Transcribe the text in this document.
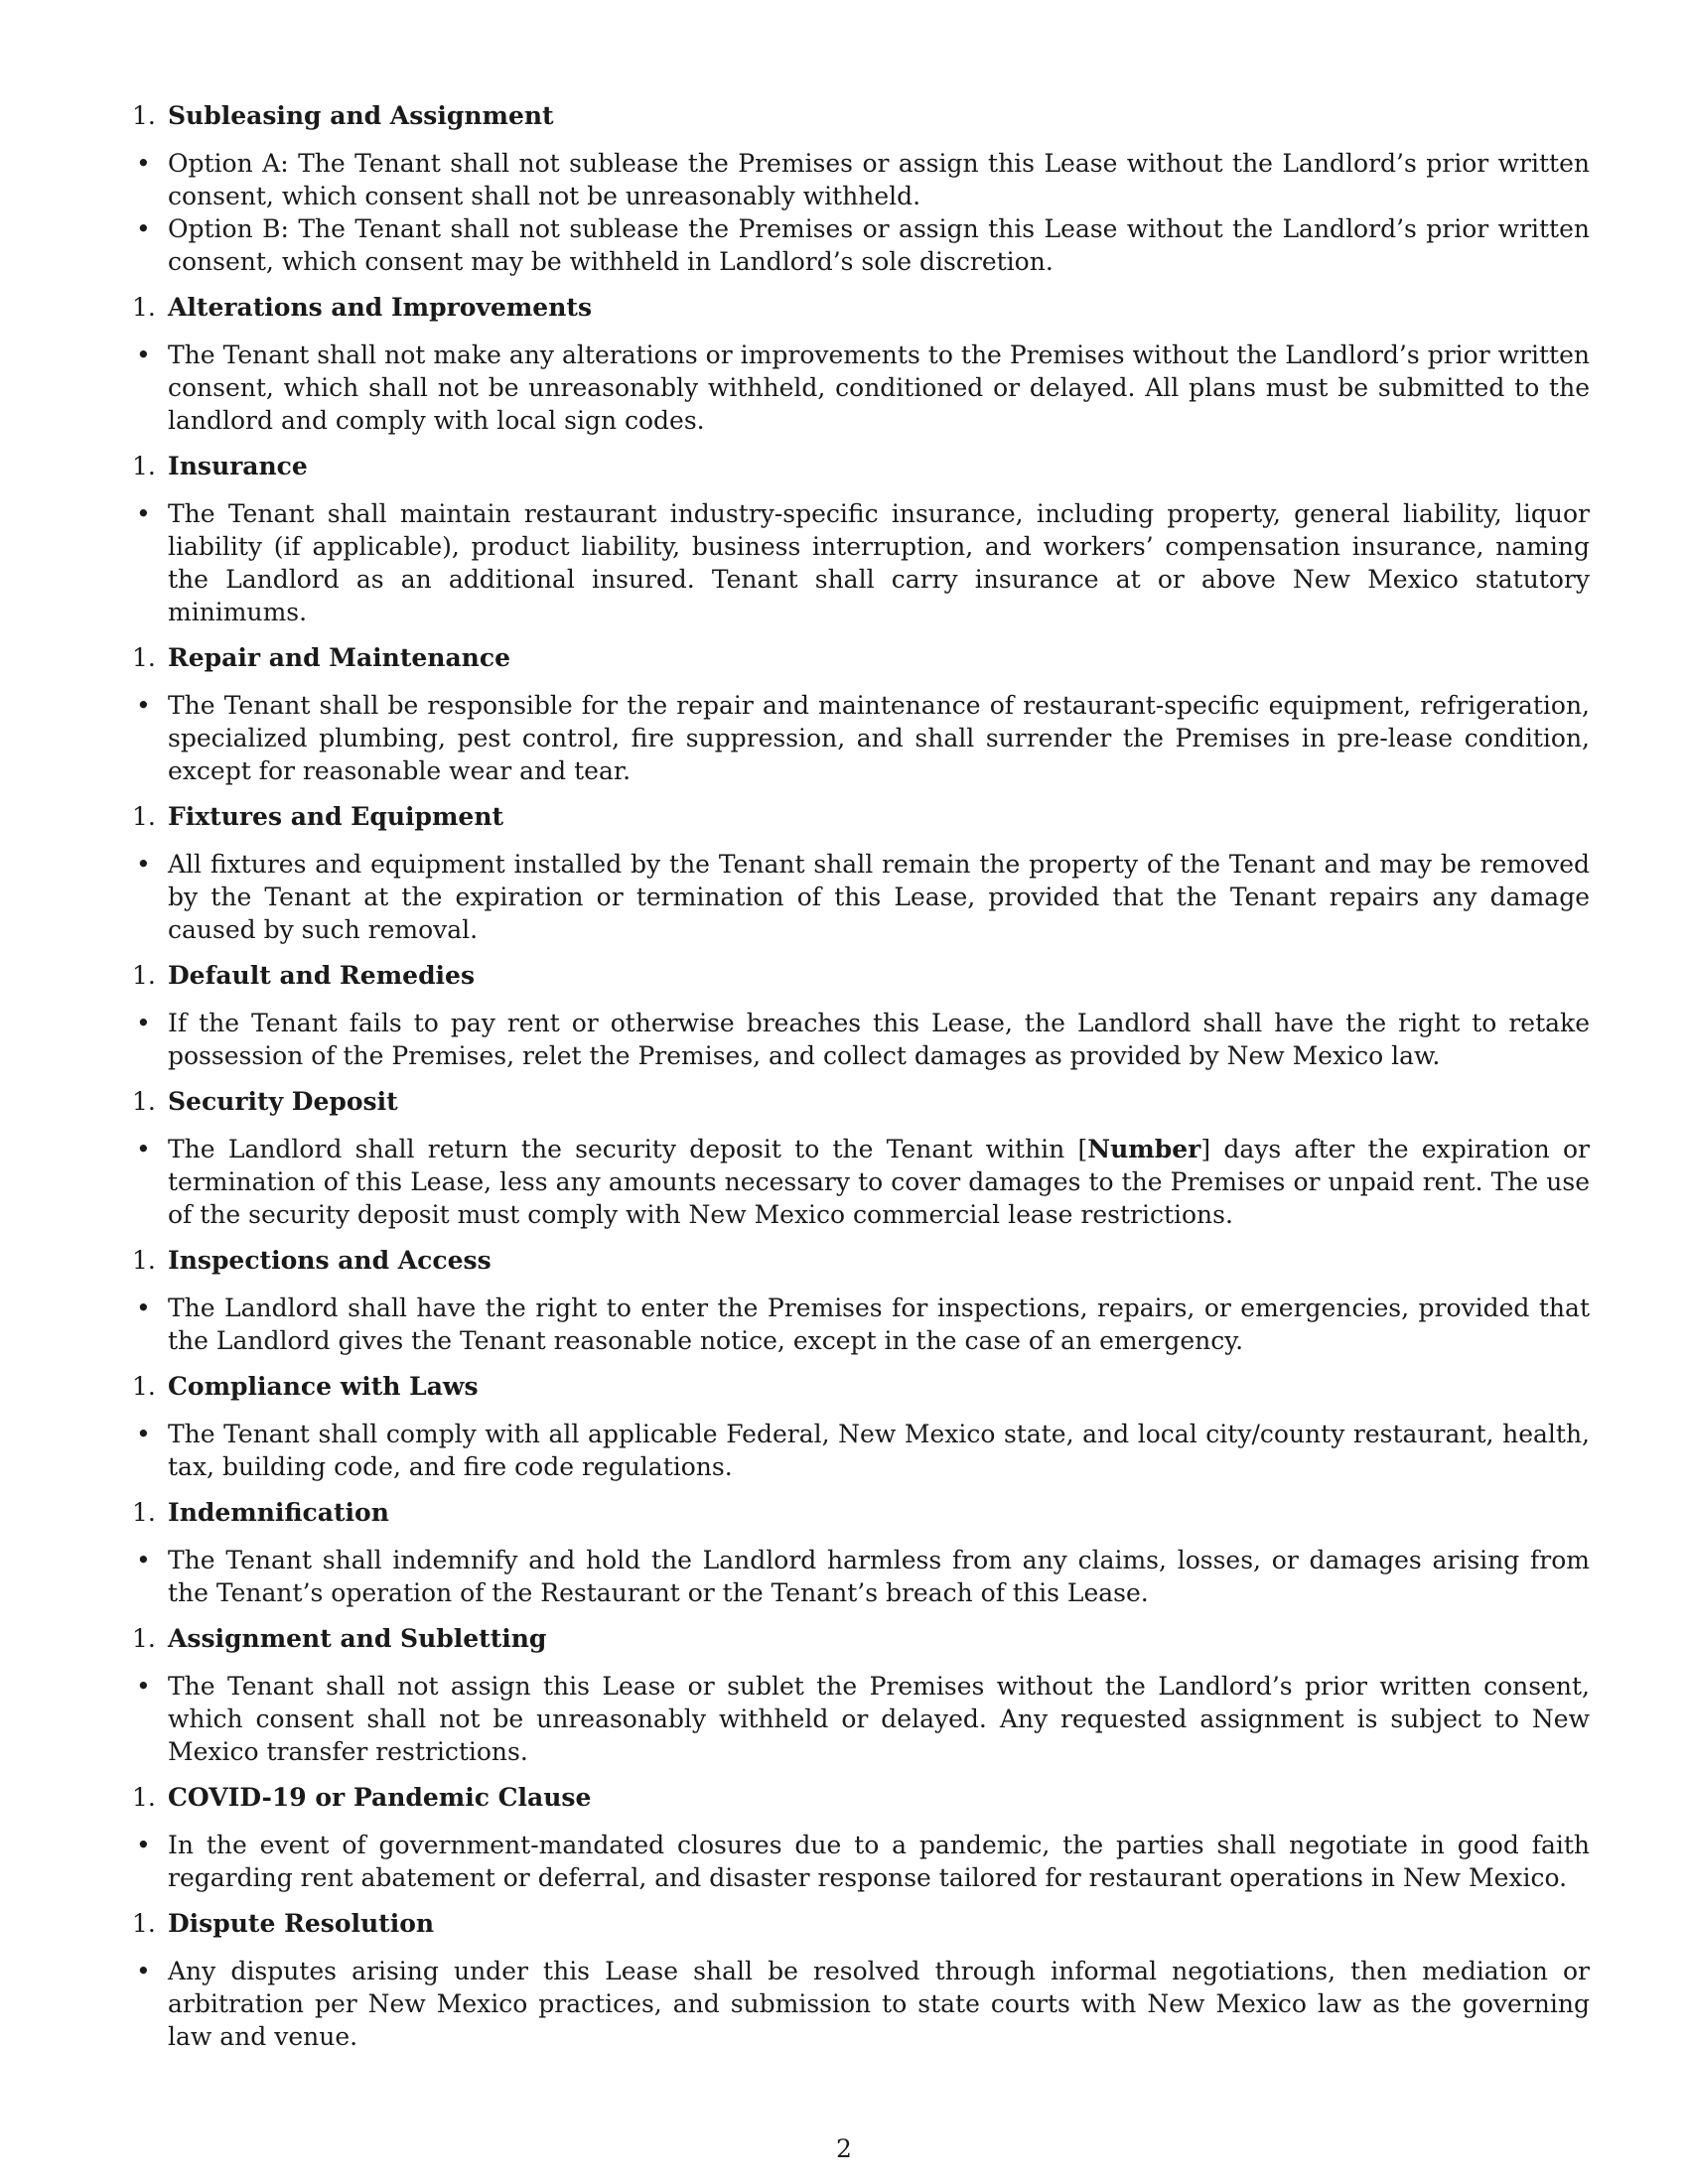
1. Subleasing and Assignment
• Option A: The Tenant shall not sublease the Premises or assign this Lease without the Landlord’s prior written consent, which consent shall not be unreasonably withheld.
• Option B: The Tenant shall not sublease the Premises or assign this Lease without the Landlord’s prior written consent, which consent may be withheld in Landlord’s sole discretion.
1. Alterations and Improvements
• The Tenant shall not make any alterations or improvements to the Premises without the Landlord’s prior written consent, which shall not be unreasonably withheld, conditioned or delayed. All plans must be submitted to the landlord and comply with local sign codes.
1. Insurance
• The Tenant shall maintain restaurant industry-specific insurance, including property, general liability, liquor liability (if applicable), product liability, business interruption, and workers’ compensation insurance, naming the Landlord as an additional insured. Tenant shall carry insurance at or above New Mexico statutory minimums.
1. Repair and Maintenance
• The Tenant shall be responsible for the repair and maintenance of restaurant-specific equipment, refrigeration, specialized plumbing, pest control, fire suppression, and shall surrender the Premises in pre-lease condition, except for reasonable wear and tear.
1. Fixtures and Equipment
• All fixtures and equipment installed by the Tenant shall remain the property of the Tenant and may be removed by the Tenant at the expiration or termination of this Lease, provided that the Tenant repairs any damage caused by such removal.
1. Default and Remedies
• If the Tenant fails to pay rent or otherwise breaches this Lease, the Landlord shall have the right to retake possession of the Premises, relet the Premises, and collect damages as provided by New Mexico law.
1. Security Deposit
• The Landlord shall return the security deposit to the Tenant within [Number] days after the expiration or termination of this Lease, less any amounts necessary to cover damages to the Premises or unpaid rent. The use of the security deposit must comply with New Mexico commercial lease restrictions.
1. Inspections and Access
• The Landlord shall have the right to enter the Premises for inspections, repairs, or emergencies, provided that the Landlord gives the Tenant reasonable notice, except in the case of an emergency.
1. Compliance with Laws
• The Tenant shall comply with all applicable Federal, New Mexico state, and local city/county restaurant, health, tax, building code, and fire code regulations.
1. Indemnification
• The Tenant shall indemnify and hold the Landlord harmless from any claims, losses, or damages arising from the Tenant’s operation of the Restaurant or the Tenant’s breach of this Lease.
1. Assignment and Subletting
• The Tenant shall not assign this Lease or sublet the Premises without the Landlord’s prior written consent, which consent shall not be unreasonably withheld or delayed. Any requested assignment is subject to New Mexico transfer restrictions.
1. COVID-19 or Pandemic Clause
• In the event of government-mandated closures due to a pandemic, the parties shall negotiate in good faith regarding rent abatement or deferral, and disaster response tailored for restaurant operations in New Mexico.
1. Dispute Resolution
• Any disputes arising under this Lease shall be resolved through informal negotiations, then mediation or arbitration per New Mexico practices, and submission to state courts with New Mexico law as the governing law and venue.
2
